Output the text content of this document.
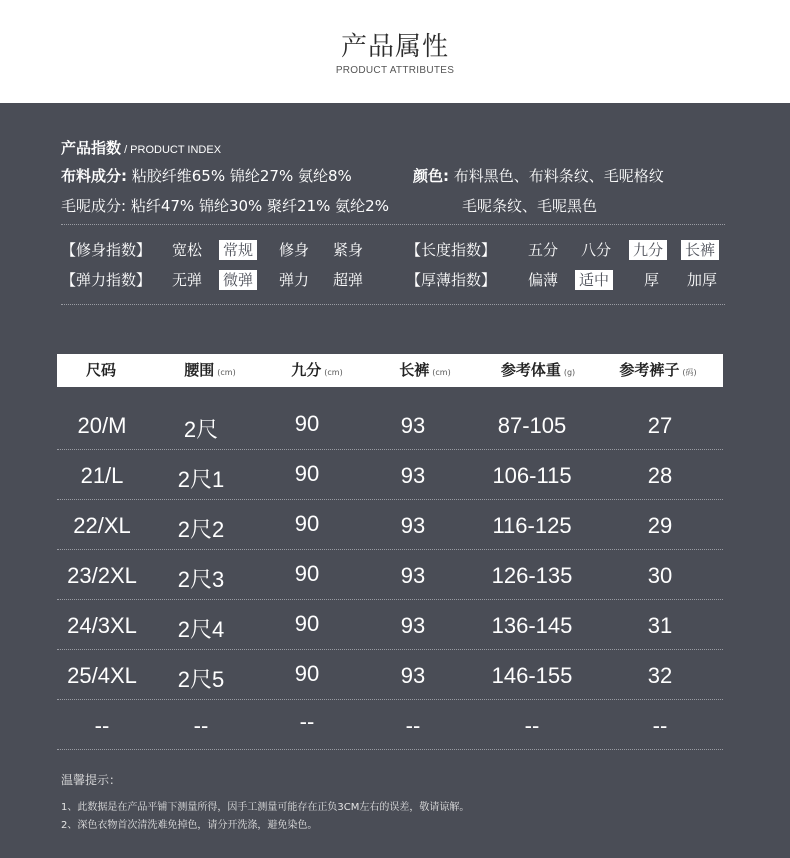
产品属性
PRODUCT ATTRIBUTES
产品指数 / PRODUCT INDEX
布料成分: 粘胶纤维65% 锦纶27% 氨纶8%	颜色: 布料黑色、布料条纹、毛呢格纹
毛呢成分: 粘纤47% 锦纶30% 聚纤21% 氨纶2%	毛呢条纹、毛呢黑色
【修身指数】 宽松 常规 修身 紧身	【长度指数】 五分 八分 九分 长裤
【弹力指数】 无弹 微弹 弹力 超弹	【厚薄指数】 偏薄 适中 厚 加厚
尺码	腰围 (cm)	九分 (cm)	长裤 (cm)	参考体重 (g)	参考裤子 (码)
20/M	2尺	90	93	87-105	27
21/L 2尺1	90	93	106-115	28
22/XL 2尺2	90	93	116-125	29
23/2XL 2尺3	90	93	126-135	30
24/3XL 2尺4	90	93	136-145	31
25/4XL 2尺5	90	93	146-155	32
--	--	--	--	--	--
温馨提示：
1、此数据是在产品平铺下测量所得，因手工测量可能存在正负3CM左右的误差，敬请谅解。
2、深色衣物首次清洗难免掉色，请分开洗涤，避免染色。
